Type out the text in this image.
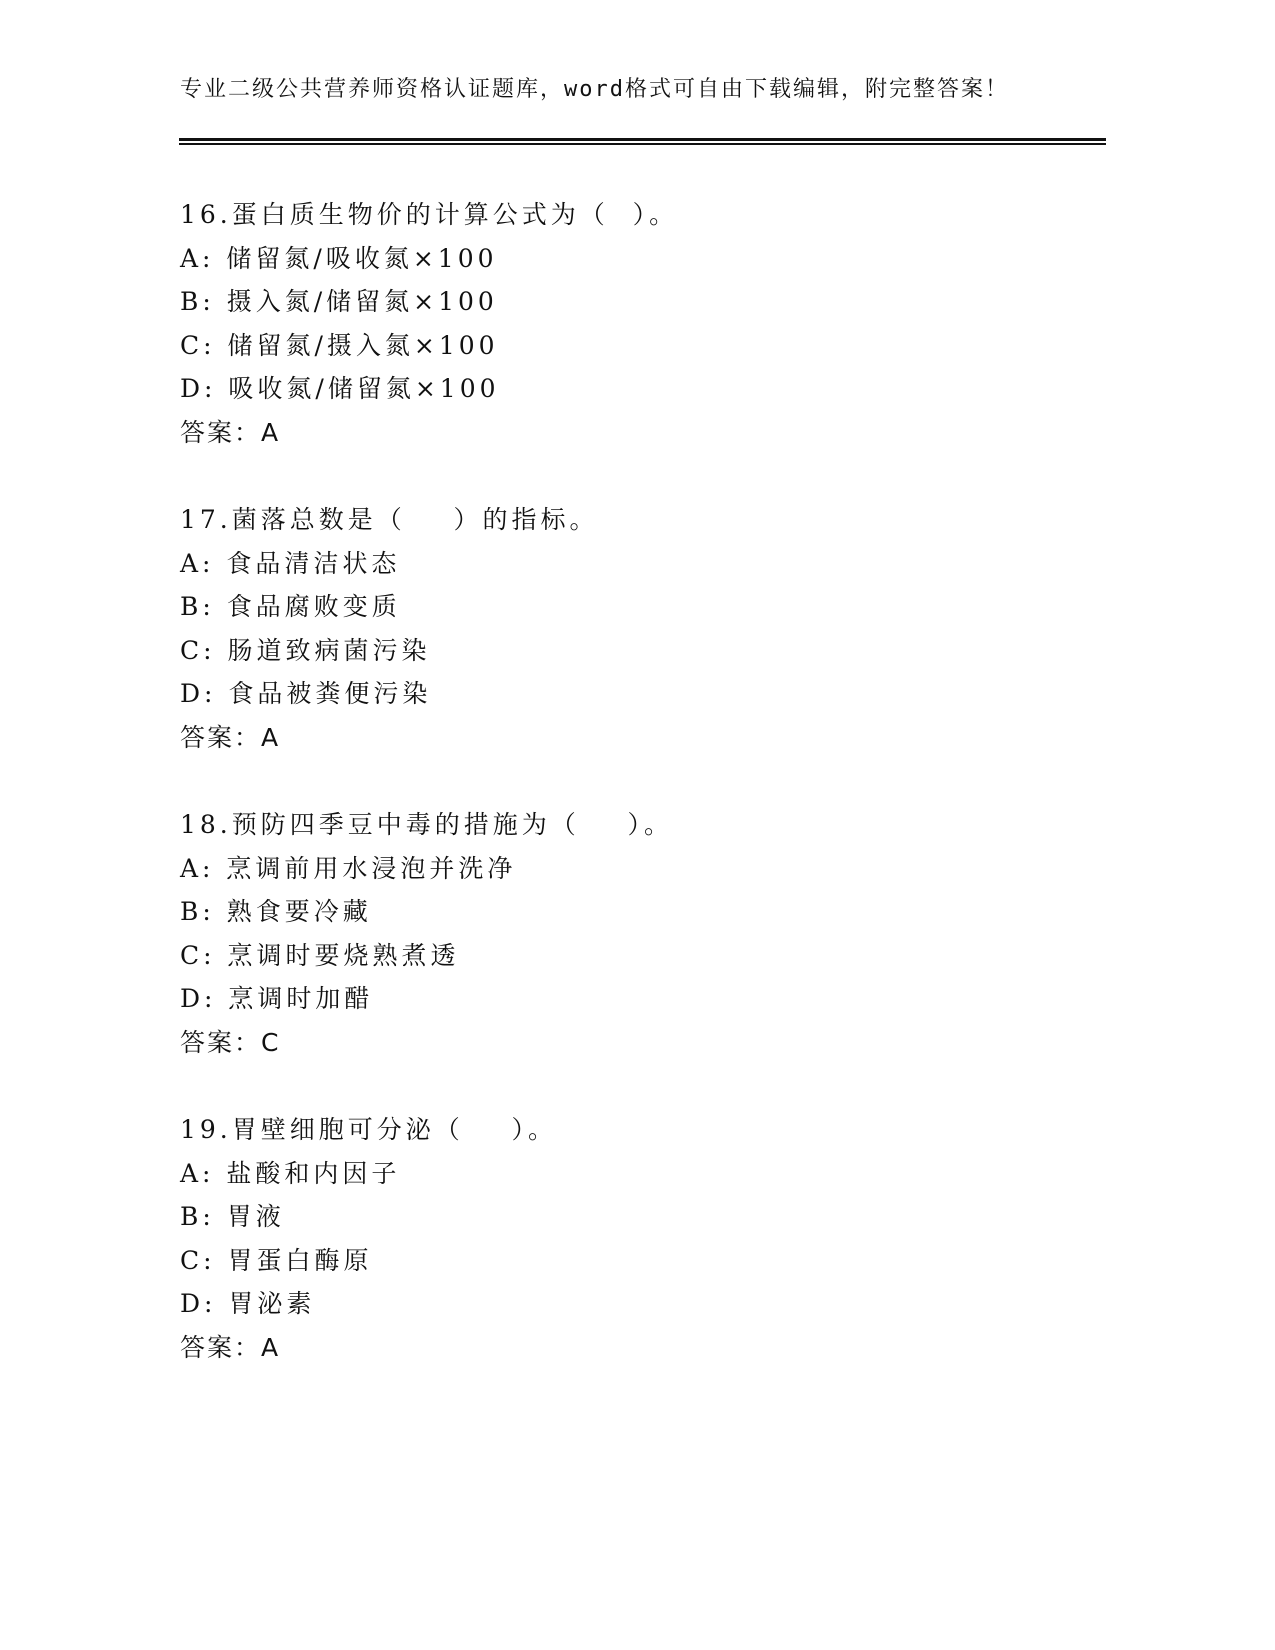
专业二级公共营养师资格认证题库，word格式可自由下载编辑，附完整答案！
16.蛋白质生物价的计算公式为（  ）。
A: 储留氮/吸收氮×100
B: 摄入氮/储留氮×100
C: 储留氮/摄入氮×100
D: 吸收氮/储留氮×100
答案：A
17.菌落总数是（    ）的指标。
A: 食品清洁状态
B: 食品腐败变质
C: 肠道致病菌污染
D: 食品被粪便污染
答案：A
18.预防四季豆中毒的措施为（    ）。
A: 烹调前用水浸泡并洗净
B: 熟食要冷藏
C: 烹调时要烧熟煮透
D: 烹调时加醋
答案：C
19.胃壁细胞可分泌（    ）。
A: 盐酸和内因子
B: 胃液
C: 胃蛋白酶原
D: 胃泌素
答案：A
